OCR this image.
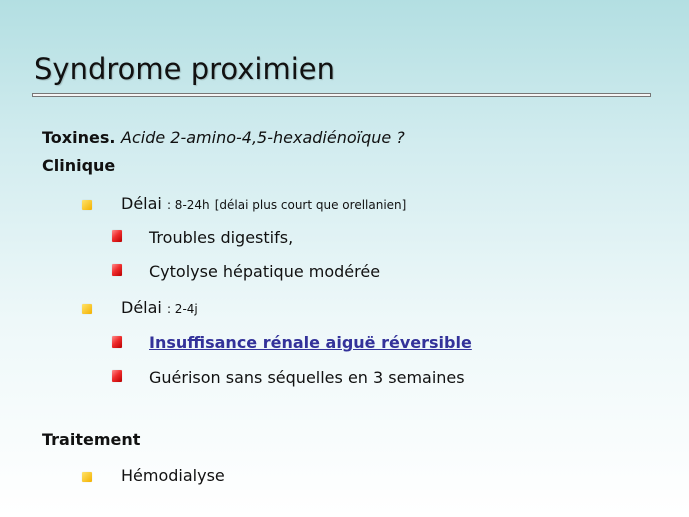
Syndrome proximien
Toxines. Acide 2-amino-4,5-hexadiénoïque ?
Clinique
Délai : 8-24h [délai plus court que orellanien]
Troubles digestifs,
Cytolyse hépatique modérée
Délai : 2-4j
Insuffisance rénale aiguë réversible
Guérison sans séquelles en 3 semaines
Traitement
Hémodialyse
